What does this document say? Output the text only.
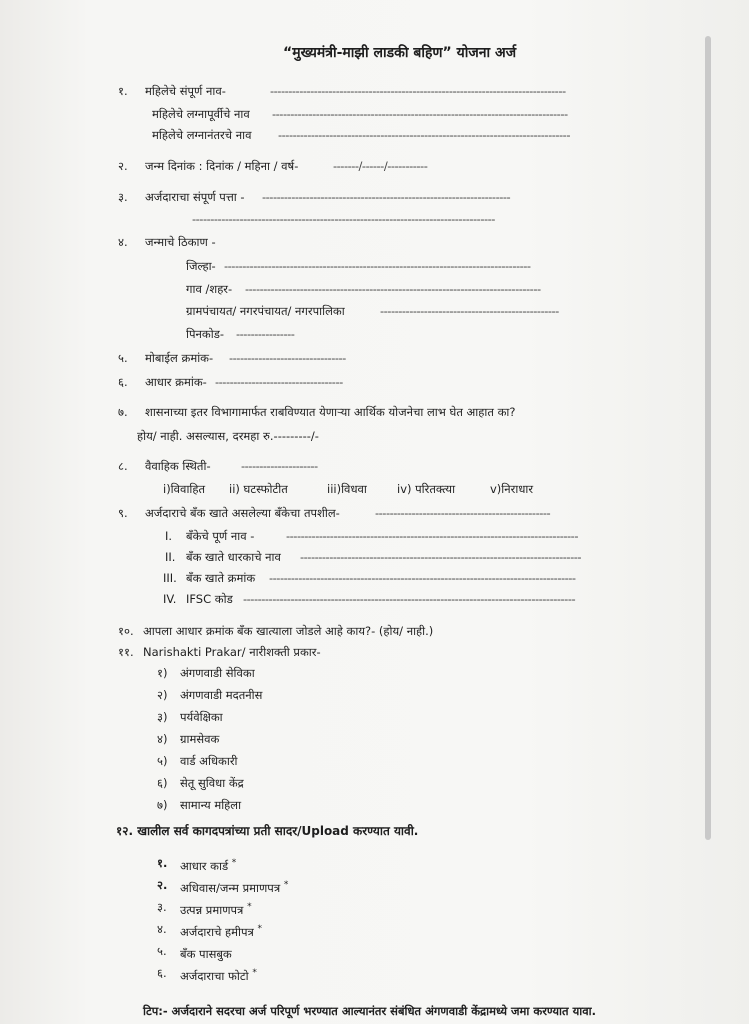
“मुख्यमंत्री-माझी लाडकी बहिण” योजना अर्ज
१. महिलेचे संपूर्ण नाव-	---------------------------------------------------------------------------------
महिलेचे लग्नापूर्वीचे नाव ---------------------------------------------------------------------------------
महिलेचे लग्नानंतरचे नाव --------------------------------------------------------------------------------
२. जन्म दिनांक : दिनांक / महिना / वर्ष-	-------/------/-----------
३. अर्जदाराचा संपूर्ण पत्ता - --------------------------------------------------------------------
-----------------------------------------------------------------------------------
४. जन्माचे ठिकाण -
जिल्हा- ------------------------------------------------------------------------------------
गाव /शहर- ---------------------------------------------------------------------------------
ग्रामपंचायत/ नगरपंचायत/ नगरपालिका	-------------------------------------------------
पिनकोड- ----------------
५. मोबाईल क्रमांक- --------------------------------
६. आधार क्रमांक- -----------------------------------
७. शासनाच्या इतर विभागामार्फत राबविण्यात येणाऱ्या आर्थिक योजनेचा लाभ घेत आहात का?
होय/ नाही. असल्यास, दरमहा रु.---------/-
८. वैवाहिक स्थिती-	---------------------
i)विवाहित ii) घटस्फोटीत	iii)विधवा	iv) परितक्त्या	v)निराधार
९. अर्जदाराचे बँक खाते असलेल्या बँकेचा तपशील-	------------------------------------------------
I. बँकेचे पूर्ण नाव -	--------------------------------------------------------------------------------
II. बँक खाते धारकाचे नाव -----------------------------------------------------------------------------
III. बँक खाते क्रमांक ------------------------------------------------------------------------------------
IV. IFSC कोड -------------------------------------------------------------------------------------------
१०. आपला आधार क्रमांक बँक खात्याला जोडले आहे काय?- (होय/ नाही.)
११. Narishakti Prakar/ नारीशक्ती प्रकार-
१) अंगणवाडी सेविका
२) अंगणवाडी मदतनीस
३) पर्यवेक्षिका
४) ग्रामसेवक
५) वार्ड अधिकारी
६) सेतू सुविधा केंद्र
७) सामान्य महिला
१२. खालील सर्व कागदपत्रांच्या प्रती सादर/Upload करण्यात यावी.
१. आधार कार्ड *
२. अधिवास/जन्म प्रमाणपत्र *
३. उत्पन्न प्रमाणपत्र *
४. अर्जदाराचे हमीपत्र *
५. बँक पासबुक
६. अर्जदाराचा फोटो *
टिप:- अर्जदाराने सदरचा अर्ज परिपूर्ण भरण्यात आल्यानंतर संबंधित अंगणवाडी केंद्रामध्ये जमा करण्यात यावा.
